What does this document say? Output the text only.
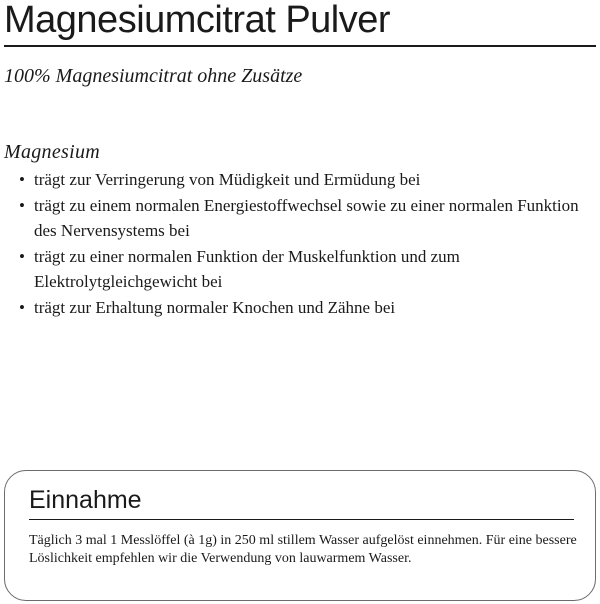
Magnesiumcitrat Pulver
100% Magnesiumcitrat ohne Zusätze
Magnesium
• trägt zur Verringerung von Müdigkeit und Ermüdung bei
• trägt zu einem normalen Energiestoffwechsel sowie zu einer normalen Funktion des Nervensystems bei
• trägt zu einer normalen Funktion der Muskelfunktion und zum Elektrolytgleichgewicht bei
• trägt zur Erhaltung normaler Knochen und Zähne bei
Einnahme
Täglich 3 mal 1 Messlöffel (à 1g) in 250 ml stillem Wasser aufgelöst einnehmen. Für eine bessere Löslichkeit empfehlen wir die Verwendung von lauwarmem Wasser.
